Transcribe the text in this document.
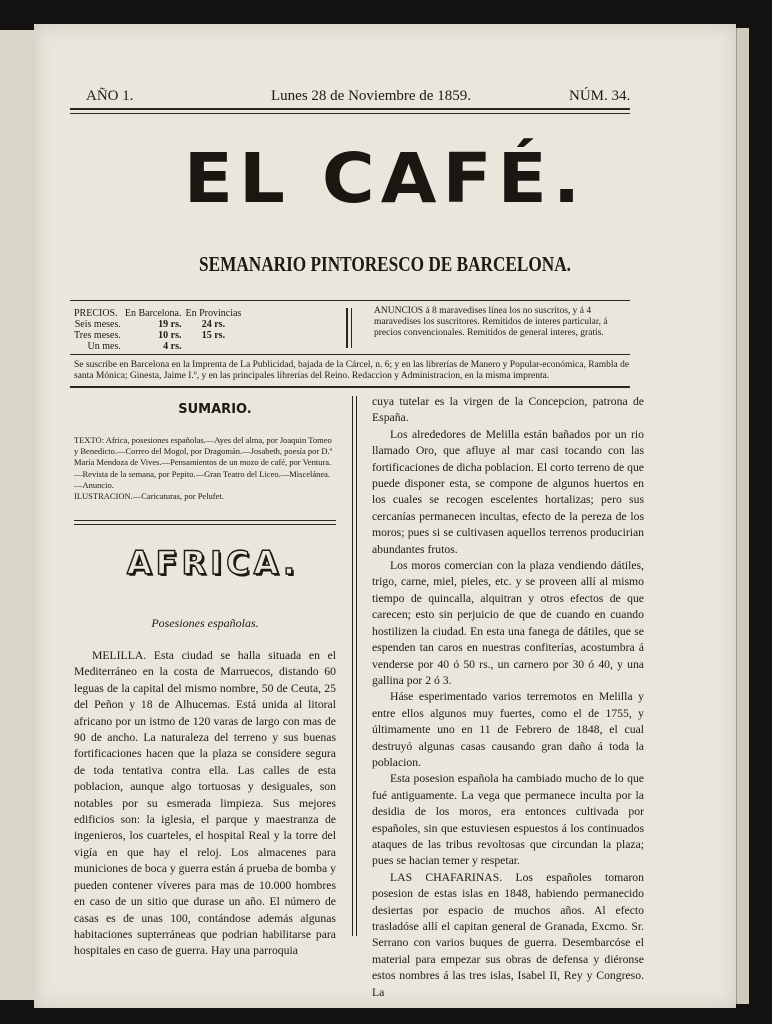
AÑO 1.	Lunes 28 de Noviembre de 1859.	NÚM. 34.
EL CAFÉ.
SEMANARIO PINTORESCO DE BARCELONA.
PRECIOS.	En Barcelona.	En Provincias
Seis meses.	19 rs.	24 rs.
Tres meses.	10 rs.	15 rs.
Un mes.	4 rs.	
ANUNCIOS á 8 maravedises línea los no suscritos, y á 4 maravedises los suscritores. Remitidos de interes particular, á precios convencionales. Remitidos de general interes, gratis.
Se suscribe en Barcelona en la Imprenta de La Publicidad, bajada de la Cárcel, n. 6; y en las librerías de Manero y Popular-económica, Rambla de santa Mónica; Ginesta, Jaime I.º, y en las principales librerías del Reino. Redaccion y Administracion, en la misma imprenta.
SUMARIO.
TEXTO: Africa, posesiones españolas.—Ayes del alma, por Joaquin Tomeo y Benedicto.—Correo del Mogol, por Dragomán.—Josabeth, poesía por D.ª María Mendoza de Vives.—Pensamientos de un mozo de café, por Ventura.—Revista de la semana, por Pepito.—Gran Teatro del Liceo.—Miscelánea.—Anuncio.
ILUSTRACION.—Caricaturas, por Pelufet.
AFRICA.
Posesiones españolas.

MELILLA. Esta ciudad se halla situada en el Mediterráneo en la costa de Marruecos, distando 60 leguas de la capital del mismo nombre, 50 de Ceuta, 25 del Peñon y 18 de Alhucemas. Está unida al litoral africano por un istmo de 120 varas de largo con mas de 90 de ancho. La naturaleza del terreno y sus buenas fortificaciones hacen que la plaza se considere segura de toda tentativa contra ella. Las calles de esta poblacion, aunque algo tortuosas y desiguales, son notables por su esmerada limpieza. Sus mejores edificios son: la iglesia, el parque y maestranza de ingenieros, los cuarteles, el hospital Real y la torre del vigía en que hay el reloj. Los almacenes para municiones de boca y guerra están á prueba de bomba y pueden contener víveres para mas de 10.000 hombres en caso de un sitio que durase un año. El número de casas es de unas 100, contándose además algunas habitaciones supterráneas que podrian habilitarse para hospitales en caso de guerra. Hay una parroquia

cuya tutelar es la virgen de la Concepcion, patrona de España.

Los alrededores de Melilla están bañados por un rio llamado Oro, que afluye al mar casi tocando con las fortificaciones de dicha poblacion. El corto terreno de que puede disponer esta, se compone de algunos huertos en los cuales se recogen escelentes hortalizas; pero sus cercanías permanecen incultas, efecto de la pereza de los moros; pues si se cultivasen aquellos terrenos producirian abundantes frutos.

Los moros comercian con la plaza vendiendo dátiles, trigo, carne, miel, pieles, etc. y se proveen allí al mismo tiempo de quincalla, alquitran y otros efectos de que carecen; esto sin perjuicio de que de cuando en cuando hostilizen la ciudad. En esta una fanega de dátiles, que se espenden tan caros en nuestras confiterías, acostumbra á venderse por 40 ó 50 rs., un carnero por 30 ó 40, y una gallina por 2 ó 3.

Háse esperimentado varios terremotos en Melilla y entre ellos algunos muy fuertes, como el de 1755, y últimamente uno en 11 de Febrero de 1848, el cual destruyó algunas casas causando gran daño á toda la poblacion.

Esta posesion española ha cambiado mucho de lo que fué antiguamente. La vega que permanece inculta por la desidia de los moros, era entonces cultivada por españoles, sin que estuviesen espuestos á los continuados ataques de las tribus revoltosas que circundan la plaza; pues se hacian temer y respetar.

LAS CHAFARINAS. Los españoles tomaron posesion de estas islas en 1848, habiendo permanecido desiertas por espacio de muchos años. Al efecto trasladóse allí el capitan general de Granada, Excmo. Sr. Serrano con varios buques de guerra. Desembarcóse el material para empezar sus obras de defensa y diéronse estos nombres á las tres islas, Isabel II, Rey y Congreso. La
